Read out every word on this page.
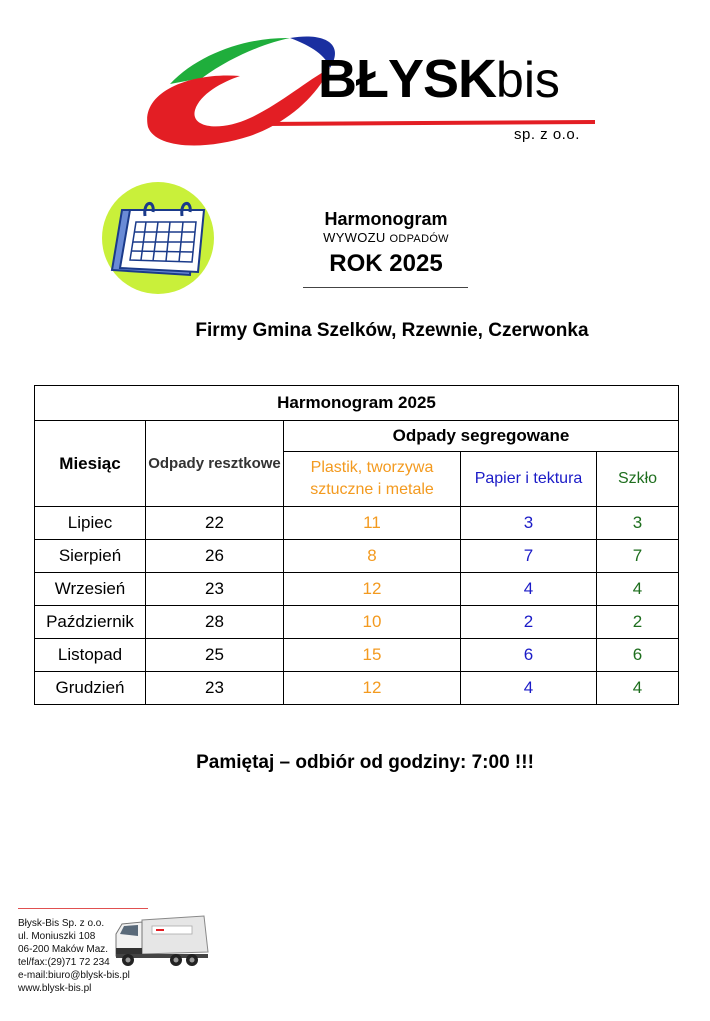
BŁYSKbis
sp. z o.o.
Harmonogram
WYWOZU ODPADÓW
ROK 2025
Firmy Gmina Szelków, Rzewnie, Czerwonka
Harmonogram 2025				
Miesiąc	Odpady resztkowe	Odpady segregowane		
		Plastik, tworzywa sztuczne i metale	Papier i tektura	Szkło
Lipiec	22	11	3	3
Sierpień	26	8	7	7
Wrzesień	23	12	4	4
Październik	28	10	2	2
Listopad	25	15	6	6
Grudzień	23	12	4	4
Pamiętaj – odbiór od godziny: 7:00 !!!
Błysk-Bis Sp. z o.o.
ul. Moniuszki 108
06-200 Maków Maz.
tel/fax:(29)71 72 234
e-mail:biuro@blysk-bis.pl
www.blysk-bis.pl
